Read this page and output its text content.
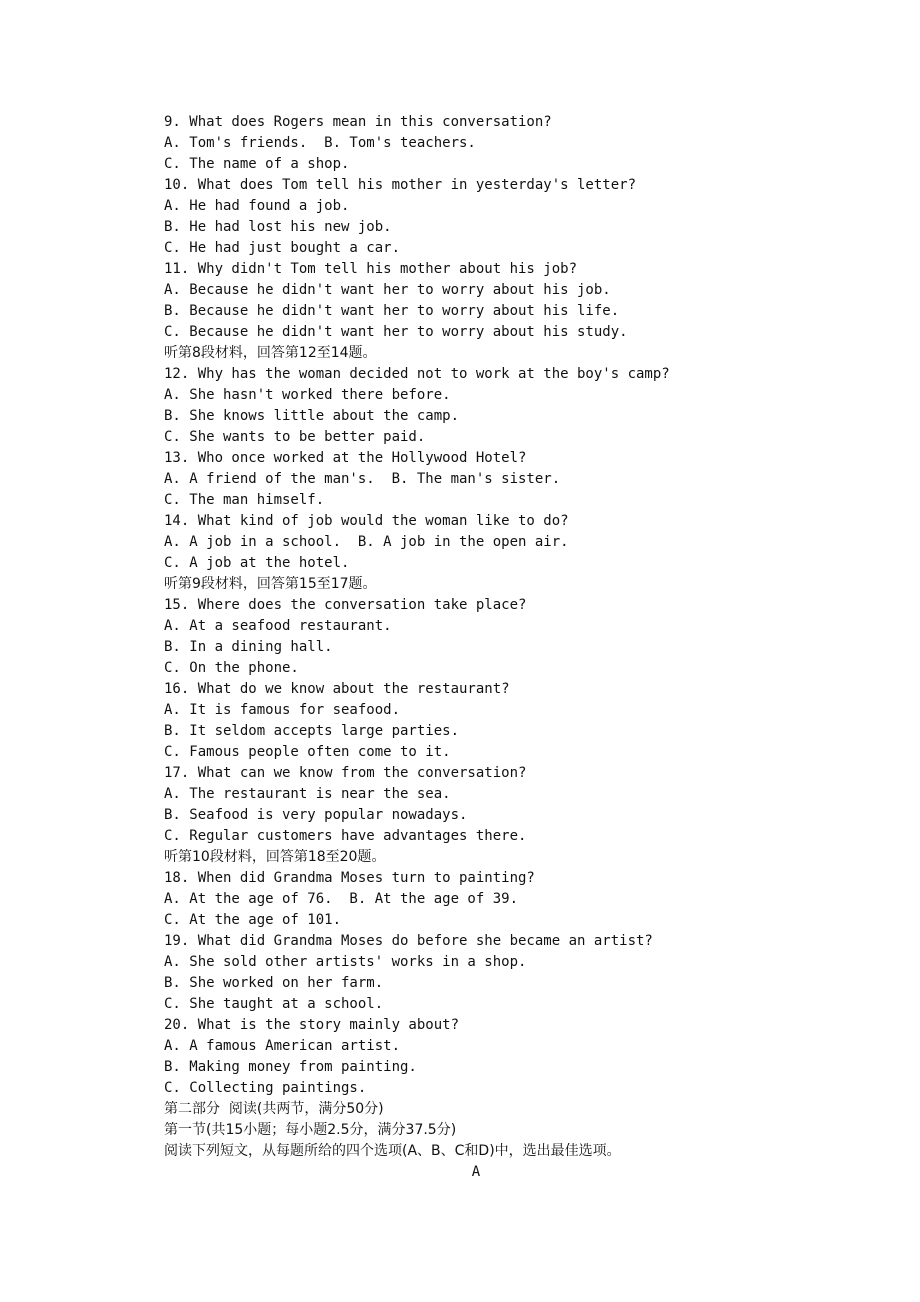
9. What does Rogers mean in this conversation?
A. Tom's friends.  B. Tom's teachers.
C. The name of a shop.
10. What does Tom tell his mother in yesterday's letter?
A. He had found a job.
B. He had lost his new job.
C. He had just bought a car.
11. Why didn't Tom tell his mother about his job?
A. Because he didn't want her to worry about his job.
B. Because he didn't want her to worry about his life.
C. Because he didn't want her to worry about his study.
听第8段材料，回答第12至14题。
12. Why has the woman decided not to work at the boy's camp?
A. She hasn't worked there before.
B. She knows little about the camp.
C. She wants to be better paid.
13. Who once worked at the Hollywood Hotel?
A. A friend of the man's.  B. The man's sister.
C. The man himself.
14. What kind of job would the woman like to do?
A. A job in a school.  B. A job in the open air.
C. A job at the hotel.
听第9段材料，回答第15至17题。
15. Where does the conversation take place?
A. At a seafood restaurant.
B. In a dining hall.
C. On the phone.
16. What do we know about the restaurant?
A. It is famous for seafood.
B. It seldom accepts large parties.
C. Famous people often come to it.
17. What can we know from the conversation?
A. The restaurant is near the sea.
B. Seafood is very popular nowadays.
C. Regular customers have advantages there.
听第10段材料，回答第18至20题。
18. When did Grandma Moses turn to painting?
A. At the age of 76.  B. At the age of 39.
C. At the age of 101.
19. What did Grandma Moses do before she became an artist?
A. She sold other artists' works in a shop.
B. She worked on her farm.
C. She taught at a school.
20. What is the story mainly about?
A. A famous American artist.
B. Making money from painting.
C. Collecting paintings.
第二部分  阅读(共两节，满分50分)
第一节(共15小题；每小题2.5分，满分37.5分)
阅读下列短文，从每题所给的四个选项(A、B、C和D)中，选出最佳选项。
A
